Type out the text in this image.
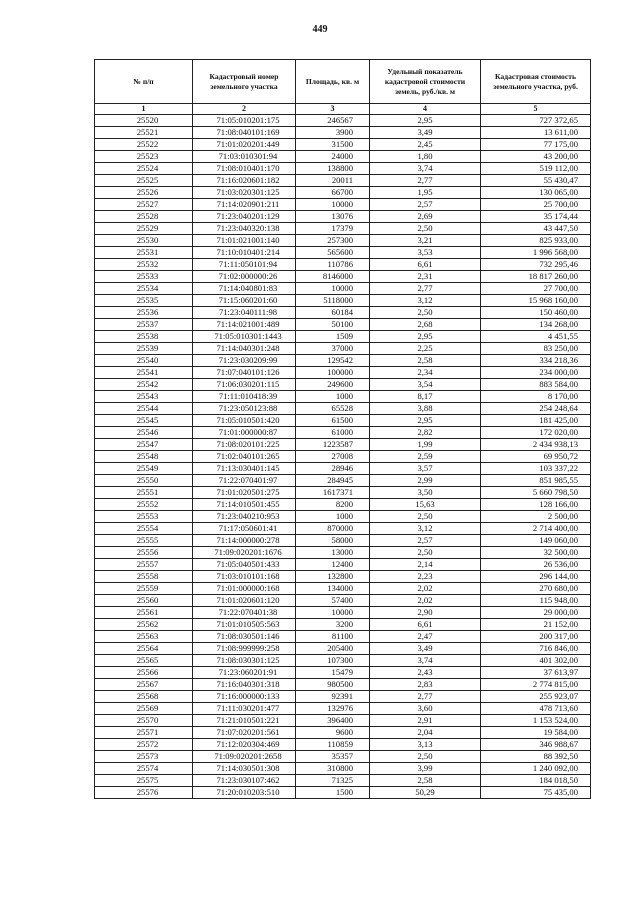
449
№ п/п	Кадастровый номер земельного участка	Площадь, кв. м	Удельный показатель кадастровой стоимости земель, руб./кв. м	Кадастровая стоимость земельного участка, руб.
1	2	3	4	5
25520	71:05:010201:175	246567	2,95	727 372,65
25521	71:08:040101:169	3900	3,49	13 611,00
25522	71:01:020201:449	31500	2,45	77 175,00
25523	71:03:010301:94	24000	1,80	43 200,00
25524	71:08:010401:170	138800	3,74	519 112,00
25525	71:16:020601:182	20011	2,77	55 430,47
25526	71:03:020301:125	66700	1,95	130 065,00
25527	71:14:020901:211	10000	2,57	25 700,00
25528	71:23:040201:129	13076	2,69	35 174,44
25529	71:23:040320:138	17379	2,50	43 447,50
25530	71:01:021001:140	257300	3,21	825 933,00
25531	71:10:010401:214	565600	3,53	1 996 568,00
25532	71:11:050101:94	110786	6,61	732 295,46
25533	71:02:000000:26	8146000	2,31	18 817 260,00
25534	71:14:040801:83	10000	2,77	27 700,00
25535	71:15:060201:60	5118000	3,12	15 968 160,00
25536	71:23:040111:98	60184	2,50	150 460,00
25537	71:14:021001:489	50100	2,68	134 268,00
25538	71:05:010301:1443	1509	2,95	4 451,55
25539	71:14:040301:248	37000	2,25	83 250,00
25540	71:23:030209:99	129542	2,58	334 218,36
25541	71:07:040101:126	100000	2,34	234 000,00
25542	71:06:030201:115	249600	3,54	883 584,00
25543	71:11:010418:39	1000	8,17	8 170,00
25544	71:23:050123:88	65528	3,88	254 248,64
25545	71:05:010501:420	61500	2,95	181 425,00
25546	71:01:000000:87	61000	2,82	172 020,00
25547	71:08:020101:225	1223587	1,99	2 434 938,13
25548	71:02:040101:265	27008	2,59	69 950,72
25549	71:13:030401:145	28946	3,57	103 337,22
25550	71:22:070401:97	284945	2,99	851 985,55
25551	71:01:020501:275	1617371	3,50	5 660 798,50
25552	71:14:010501:455	8200	15,63	128 166,00
25553	71:23:040210:953	1000	2,50	2 500,00
25554	71:17:050601:41	870000	3,12	2 714 400,00
25555	71:14:000000:278	58000	2,57	149 060,00
25556	71:09:020201:1676	13000	2,50	32 500,00
25557	71:05:040501:433	12400	2,14	26 536,00
25558	71:03:010101:168	132800	2,23	296 144,00
25559	71:01:000000:168	134000	2,02	270 680,00
25560	71:01:020601:120	57400	2,02	115 948,00
25561	71:22:070401:38	10000	2,90	29 000,00
25562	71:01:010505:563	3200	6,61	21 152,00
25563	71:08:030501:146	81100	2,47	200 317,00
25564	71:08:999999:258	205400	3,49	716 846,00
25565	71:08:030301:125	107300	3,74	401 302,00
25566	71:23:060201:91	15479	2,43	37 613,97
25567	71:16:040301:318	980500	2,83	2 774 815,00
25568	71:16:000000:133	92391	2,77	255 923,07
25569	71:11:030201:477	132976	3,60	478 713,60
25570	71:21:010501:221	396400	2,91	1 153 524,00
25571	71:07:020201:561	9600	2,04	19 584,00
25572	71:12:020304:469	110859	3,13	346 988,67
25573	71:09:020201:2658	35357	2,50	88 392,50
25574	71:14:030501:308	310800	3,99	1 240 092,00
25575	71:23:030107:462	71325	2,58	184 018,50
25576	71:20:010203:510	1500	50,29	75 435,00
